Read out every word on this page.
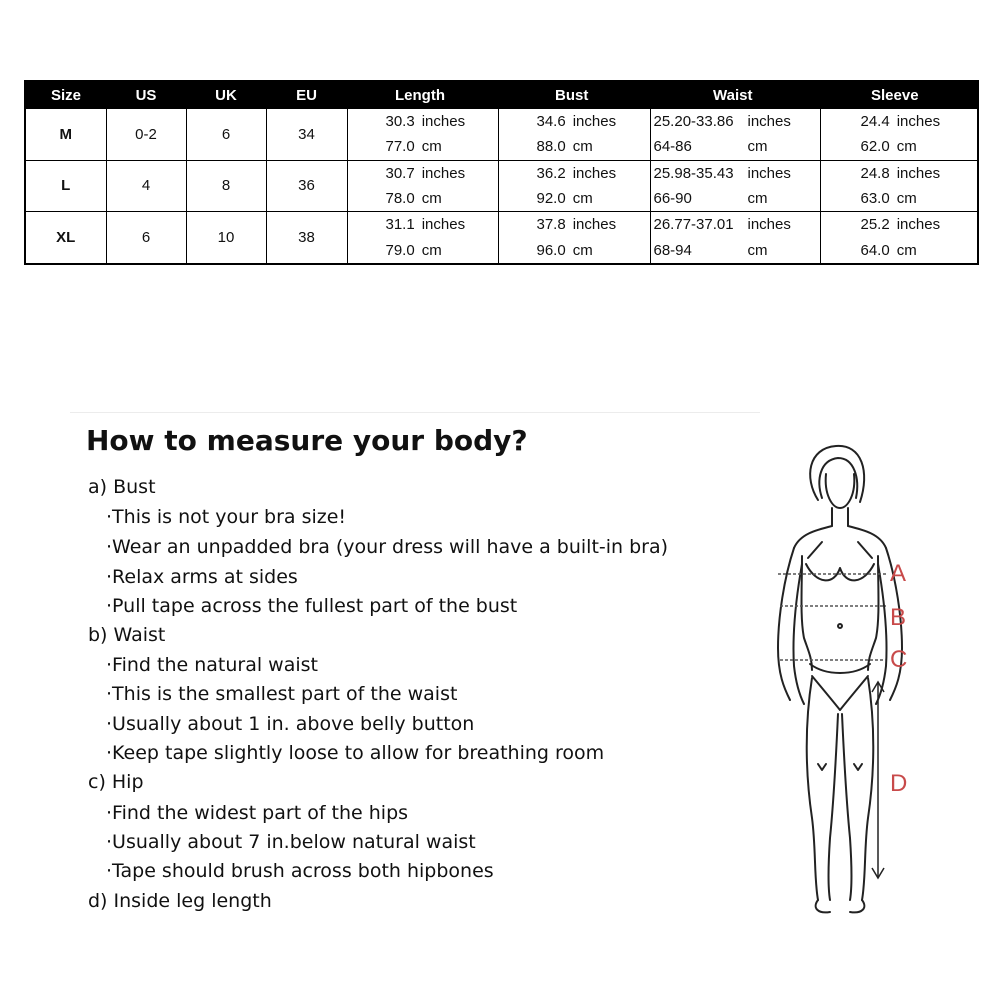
Size	US	UK	EU	Length	Bust	Waist	Sleeve
M	0-2	6	34	30.3 inches	34.6 inches	25.20-33.86 inches	24.4 inches
				77.0 cm	88.0 cm	64-86 cm	62.0 cm
L	4	8	36	30.7 inches	36.2 inches	25.98-35.43 inches	24.8 inches
				78.0 cm	92.0 cm	66-90 cm	63.0 cm
XL	6	10	38	31.1 inches	37.8 inches	26.77-37.01 inches	25.2 inches
				79.0 cm	96.0 cm	68-94 cm	64.0 cm
How to measure your body?

a) Bust

·This is not your bra size!

·Wear an unpadded bra (your dress will have a built-in bra)

·Relax arms at sides

·Pull tape across the fullest part of the bust

b) Waist

·Find the natural waist

·This is the smallest part of the waist

·Usually about 1 in. above belly button

·Keep tape slightly loose to allow for breathing room

c) Hip

·Find the widest part of the hips

·Usually about 7 in.below natural waist

·Tape should brush across both hipbones

d) Inside leg length

A
B
C
D
